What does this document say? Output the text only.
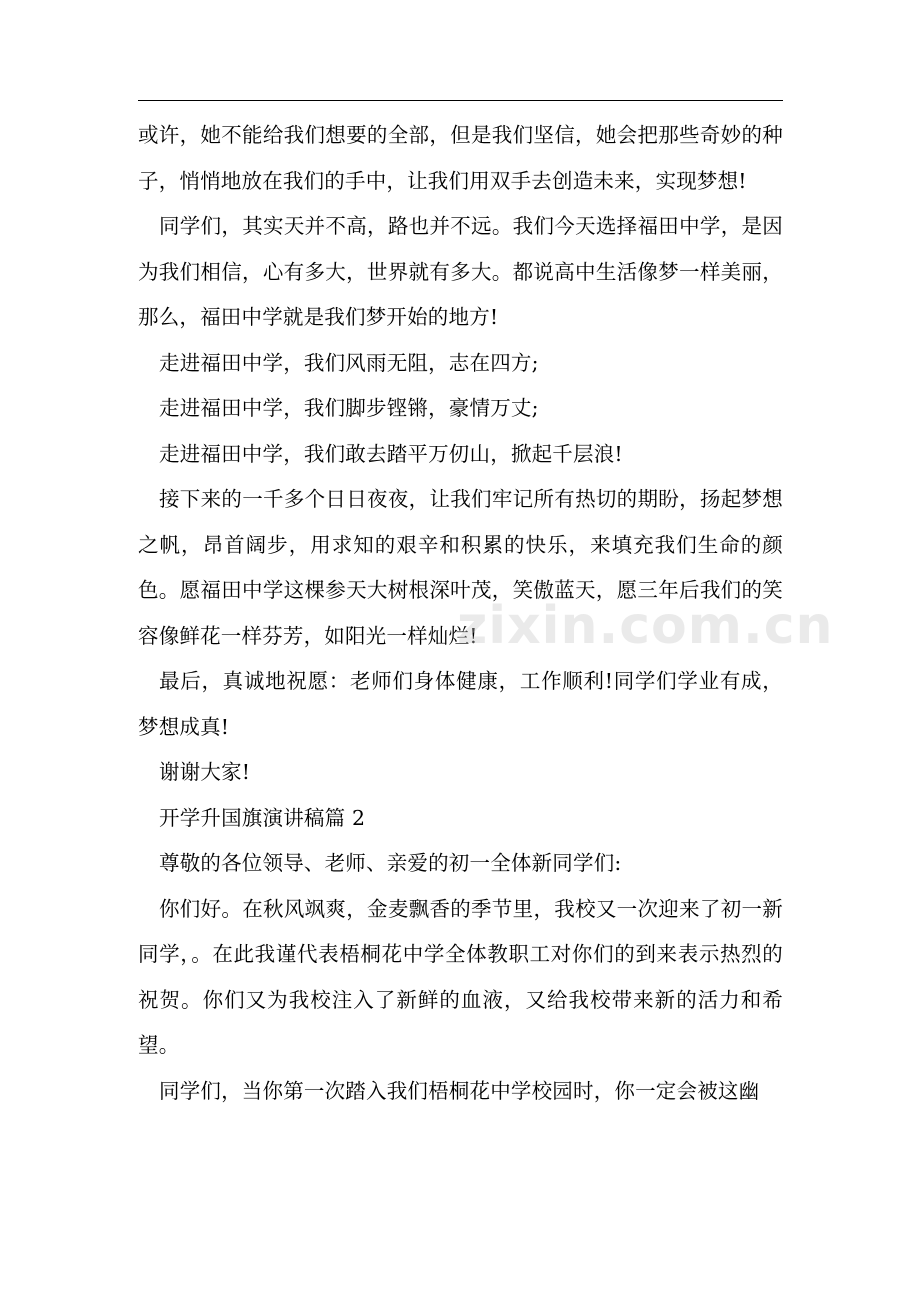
或许，她不能给我们想要的全部，但是我们坚信，她会把那些奇妙的种子，悄悄地放在我们的手中，让我们用双手去创造未来，实现梦想!

同学们，其实天并不高，路也并不远。我们今天选择福田中学，是因为我们相信，心有多大，世界就有多大。都说高中生活像梦一样美丽，那么，福田中学就是我们梦开始的地方!

走进福田中学，我们风雨无阻，志在四方;

走进福田中学，我们脚步铿锵，豪情万丈;

走进福田中学，我们敢去踏平万仞山，掀起千层浪!

接下来的一千多个日日夜夜，让我们牢记所有热切的期盼，扬起梦想之帆，昂首阔步，用求知的艰辛和积累的快乐，来填充我们生命的颜色。愿福田中学这棵参天大树根深叶茂，笑傲蓝天，愿三年后我们的笑容像鲜花一样芬芳，如阳光一样灿烂!

最后，真诚地祝愿：老师们身体健康，工作顺利!同学们学业有成，梦想成真!

谢谢大家!

开学升国旗演讲稿篇 2

尊敬的各位领导、老师、亲爱的初一全体新同学们:

你们好。在秋风飒爽，金麦飘香的季节里，我校又一次迎来了初一新同学，。在此我谨代表梧桐花中学全体教职工对你们的到来表示热烈的祝贺。你们又为我校注入了新鲜的血液，又给我校带来新的活力和希望。

同学们，当你第一次踏入我们梧桐花中学校园时，你一定会被这幽

zixin.com.cn
